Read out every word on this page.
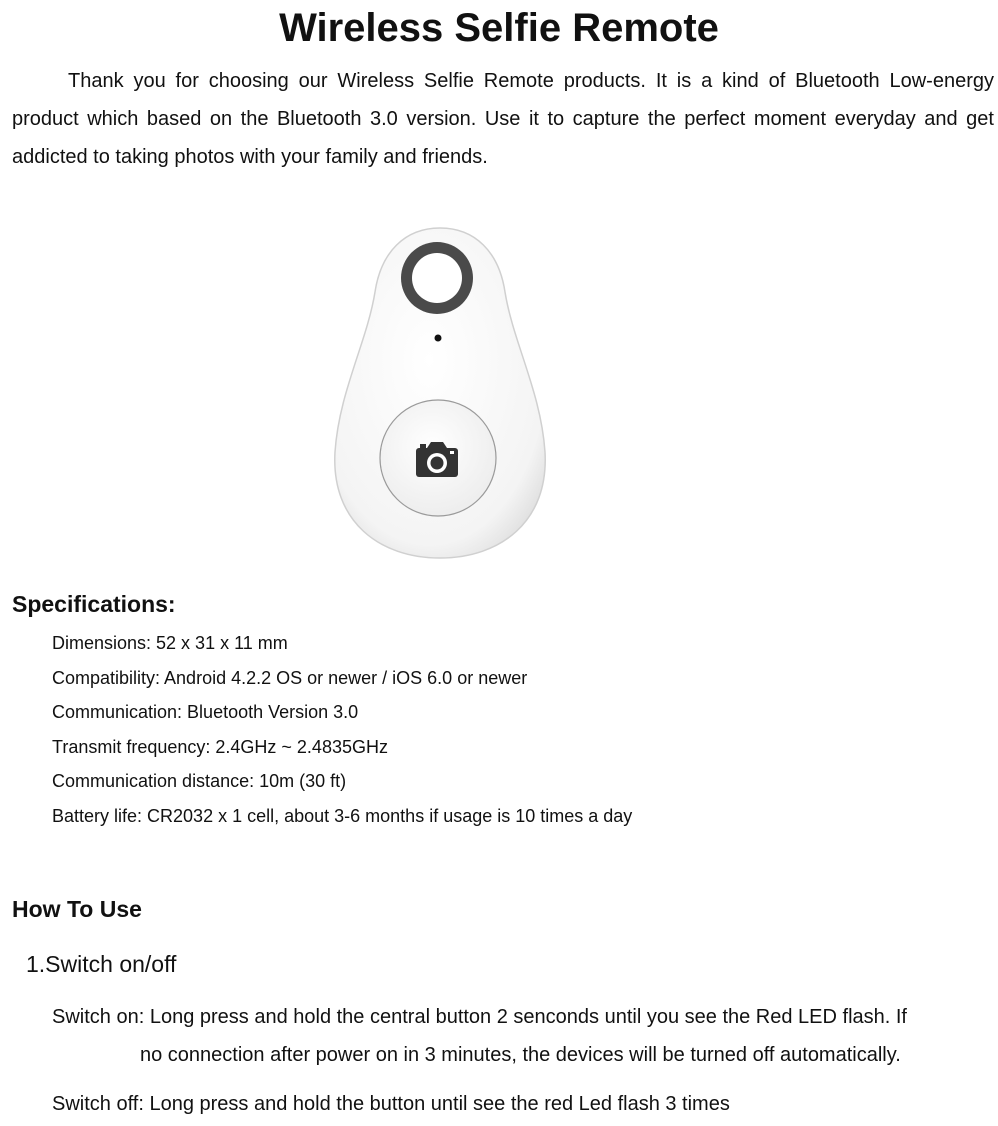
Wireless Selfie Remote

Thank you for choosing our Wireless Selfie Remote products. It is a kind of Bluetooth Low-energy product which based on the Bluetooth 3.0 version. Use it to capture the perfect moment everyday and get addicted to taking photos with your family and friends.

Specifications:
Dimensions: 52 x 31 x 11 mm
Compatibility: Android 4.2.2 OS or newer / iOS 6.0 or newer
Communication: Bluetooth Version 3.0
Transmit frequency: 2.4GHz ~ 2.4835GHz
Communication distance: 10m (30 ft)
Battery life: CR2032 x 1 cell, about 3-6 months if usage is 10 times a day
How To Use
1.Switch on/off

Switch on: Long press and hold the central button 2 senconds until you see the Red LED flash. If
no connection after power on in 3 minutes, the devices will be turned off automatically.

Switch off: Long press and hold the button until see the red Led flash 3 times
